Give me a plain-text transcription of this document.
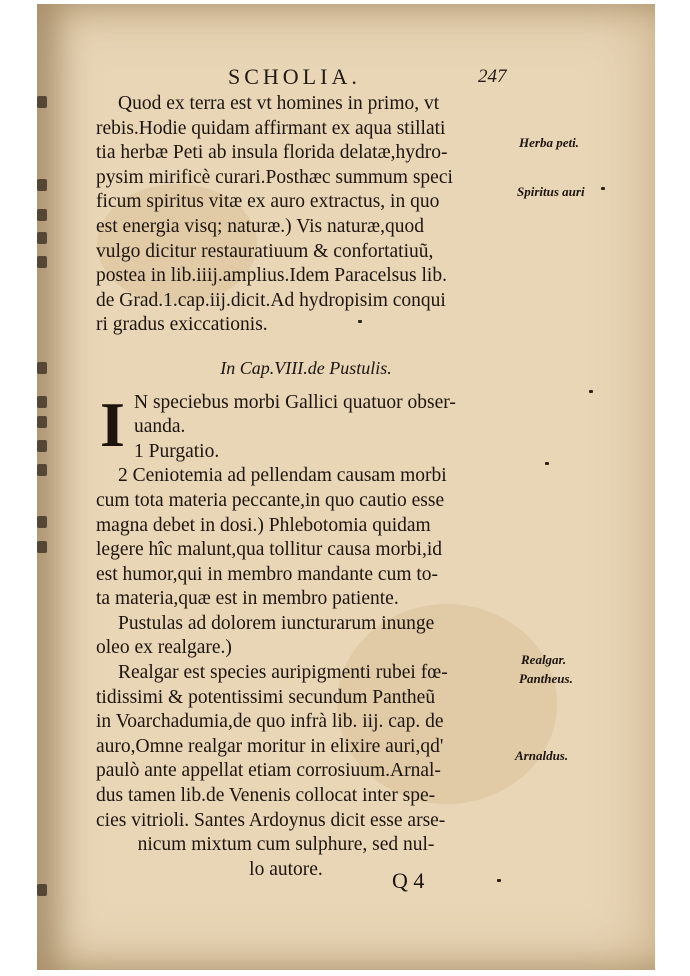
SCHOLIA.	247
Quod ex terra est vt homines in primo, vt
rebis.Hodie quidam affirmant ex aqua stillati
tia herbæ Peti ab insula florida delatæ,hydro-
pysim mirificè curari.Posthæc summum speci
ficum spiritus vitæ ex auro extractus, in quo
est energia visq; naturæ.) Vis naturæ,quod
vulgo dicitur restauratiuum & confortatiuũ,
postea in lib.iiij.amplius.Idem Paracelsus lib.
de Grad.1.cap.iij.dicit.Ad hydropisim conqui
ri gradus exiccationis.
In Cap.VIII.de Pustulis.
I N speciebus morbi Gallici quatuor obser-
uanda.
1 Purgatio.
2 Ceniotemia ad pellendam causam morbi
cum tota materia peccante,in quo cautio esse
magna debet in dosi.) Phlebotomia quidam
legere hîc malunt,qua tollitur causa morbi,id
est humor,qui in membro mandante cum to-
ta materia,quæ est in membro patiente.
Pustulas ad dolorem iuncturarum inunge
oleo ex realgare.)
Realgar est species auripigmenti rubei fœ-
tidissimi & potentissimi secundum Pantheũ
in Voarchadumia,de quo infrà lib. iij. cap. de
auro,Omne realgar moritur in elixire auri,qd'
paulò ante appellat etiam corrosiuum.Arnal-
dus tamen lib.de Venenis collocat inter spe-
cies vitrioli. Santes Ardoynus dicit esse arse-
nicum mixtum cum sulphure, sed nul-
lo autore.
Herba peti.
Spiritus auri
Realgar.
Pantheus.
Arnaldus.
Q 4
